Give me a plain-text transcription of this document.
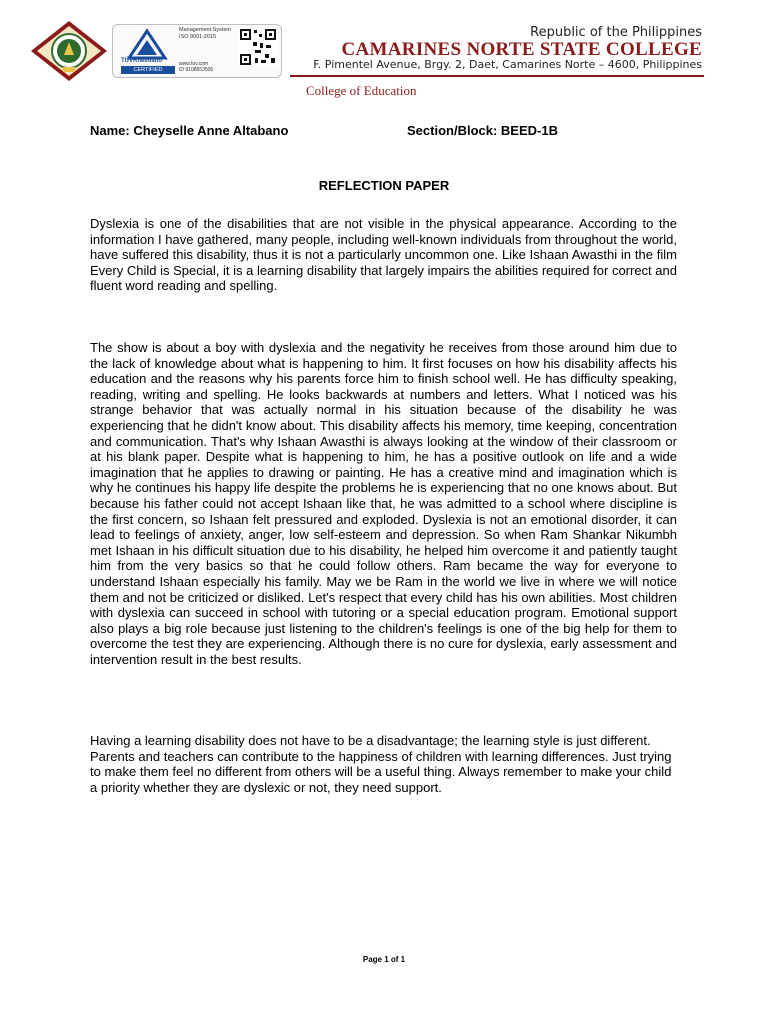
TÜVRheinland
CERTIFIED
Management System
ISO 9001:2015
www.tuv.com
ID 9108653506
Republic of the Philippines
CAMARINES NORTE STATE COLLEGE
F. Pimentel Avenue, Brgy. 2, Daet, Camarines Norte – 4600, Philippines
College of Education
Name: Cheyselle Anne Altabano	Section/Block: BEED-1B
REFLECTION PAPER

Dyslexia is one of the disabilities that are not visible in the physical appearance. According to the information I have gathered, many people, including well-known individuals from throughout the world, have suffered this disability, thus it is not a particularly uncommon one. Like Ishaan Awasthi in the film Every Child is Special, it is a learning disability that largely impairs the abilities required for correct and fluent word reading and spelling.

The show is about a boy with dyslexia and the negativity he receives from those around him due to the lack of knowledge about what is happening to him. It first focuses on how his disability affects his education and the reasons why his parents force him to finish school well. He has difficulty speaking, reading, writing and spelling. He looks backwards at numbers and letters. What I noticed was his strange behavior that was actually normal in his situation because of the disability he was experiencing that he didn't know about. This disability affects his memory, time keeping, concentration and communication. That's why Ishaan Awasthi is always looking at the window of their classroom or at his blank paper. Despite what is happening to him, he has a positive outlook on life and a wide imagination that he applies to drawing or painting. He has a creative mind and imagination which is why he continues his happy life despite the problems he is experiencing that no one knows about. But because his father could not accept Ishaan like that, he was admitted to a school where discipline is the first concern, so Ishaan felt pressured and exploded. Dyslexia is not an emotional disorder, it can lead to feelings of anxiety, anger, low self-esteem and depression. So when Ram Shankar Nikumbh met Ishaan in his difficult situation due to his disability, he helped him overcome it and patiently taught him from the very basics so that he could follow others. Ram became the way for everyone to understand Ishaan especially his family. May we be Ram in the world we live in where we will notice them and not be criticized or disliked. Let's respect that every child has his own abilities. Most children with dyslexia can succeed in school with tutoring or a special education program. Emotional support also plays a big role because just listening to the children's feelings is one of the big help for them to overcome the test they are experiencing. Although there is no cure for dyslexia, early assessment and intervention result in the best results.

Having a learning disability does not have to be a disadvantage; the learning style is just different. Parents and teachers can contribute to the happiness of children with learning differences. Just trying to make them feel no different from others will be a useful thing. Always remember to make your child a priority whether they are dyslexic or not, they need support.

Page 1 of 1
